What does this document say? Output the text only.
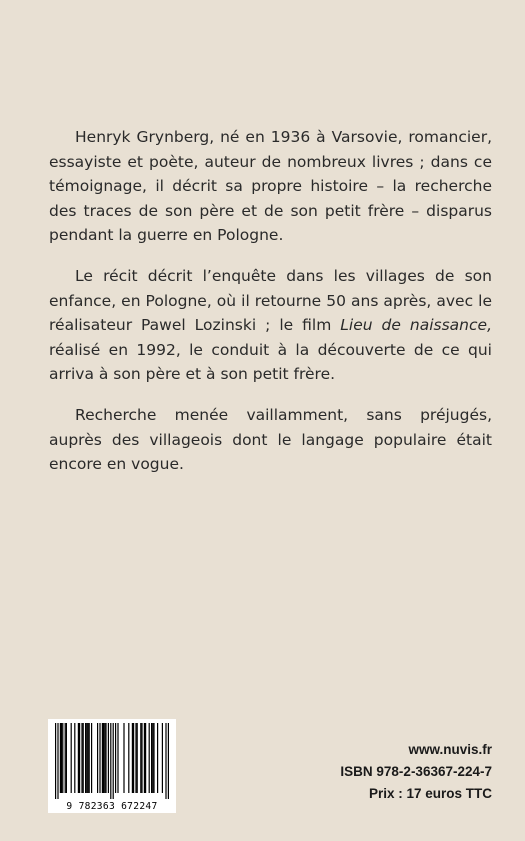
Henryk Grynberg, né en 1936 à Varsovie, romancier, essayiste et poète, auteur de nombreux livres ; dans ce témoignage, il décrit sa propre histoire – la recherche des traces de son père et de son petit frère – disparus pendant la guerre en Pologne.

Le récit décrit l’enquête dans les villages de son enfance, en Pologne, où il retourne 50 ans après, avec le réalisateur Pawel Lozinski ; le film Lieu de naissance, réalisé en 1992, le conduit à la découverte de ce qui arriva à son père et à son petit frère.

Recherche menée vaillamment, sans préjugés, auprès des villageois dont le langage populaire était encore en vogue.

9 782363 672247
www.nuvis.fr
ISBN 978-2-36367-224-7
Prix : 17 euros TTC
